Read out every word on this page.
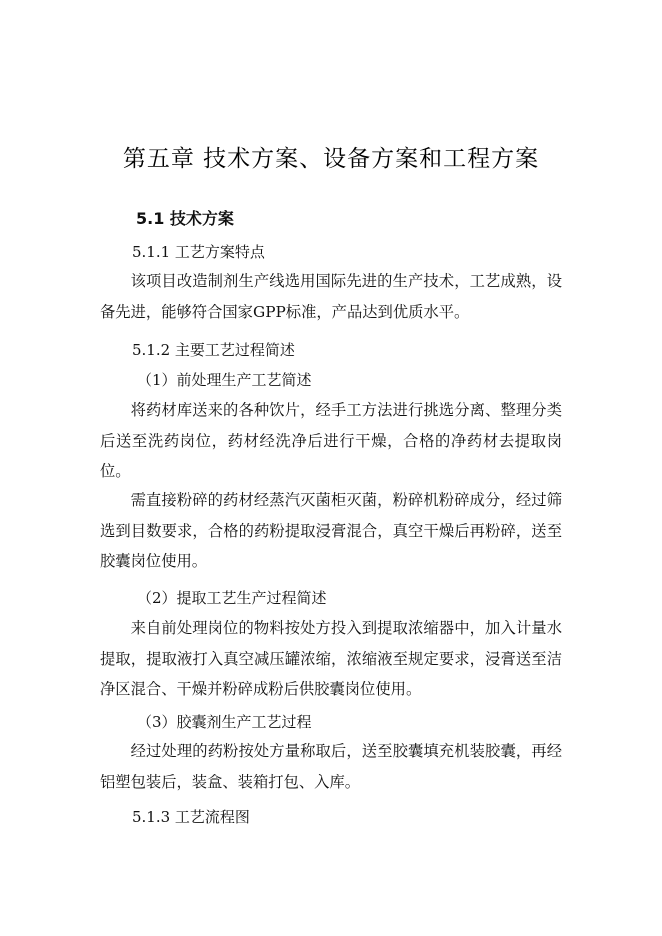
第五章 技术方案、设备方案和工程方案
5.1 技术方案
5.1.1 工艺方案特点

该项目改造制剂生产线选用国际先进的生产技术，工艺成熟，设备先进，能够符合国家GPP标准，产品达到优质水平。

5.1.2 主要工艺过程简述
（1）前处理生产工艺简述

将药材库送来的各种饮片，经手工方法进行挑选分离、整理分类后送至洗药岗位，药材经洗净后进行干燥，合格的净药材去提取岗位。

需直接粉碎的药材经蒸汽灭菌柜灭菌，粉碎机粉碎成分，经过筛选到目数要求，合格的药粉提取浸膏混合，真空干燥后再粉碎，送至胶囊岗位使用。

（2）提取工艺生产过程简述

来自前处理岗位的物料按处方投入到提取浓缩器中，加入计量水提取，提取液打入真空减压罐浓缩，浓缩液至规定要求，浸膏送至洁净区混合、干燥并粉碎成粉后供胶囊岗位使用。

（3）胶囊剂生产工艺过程

经过处理的药粉按处方量称取后，送至胶囊填充机装胶囊，再经铝塑包装后，装盒、装箱打包、入库。

5.1.3 工艺流程图
